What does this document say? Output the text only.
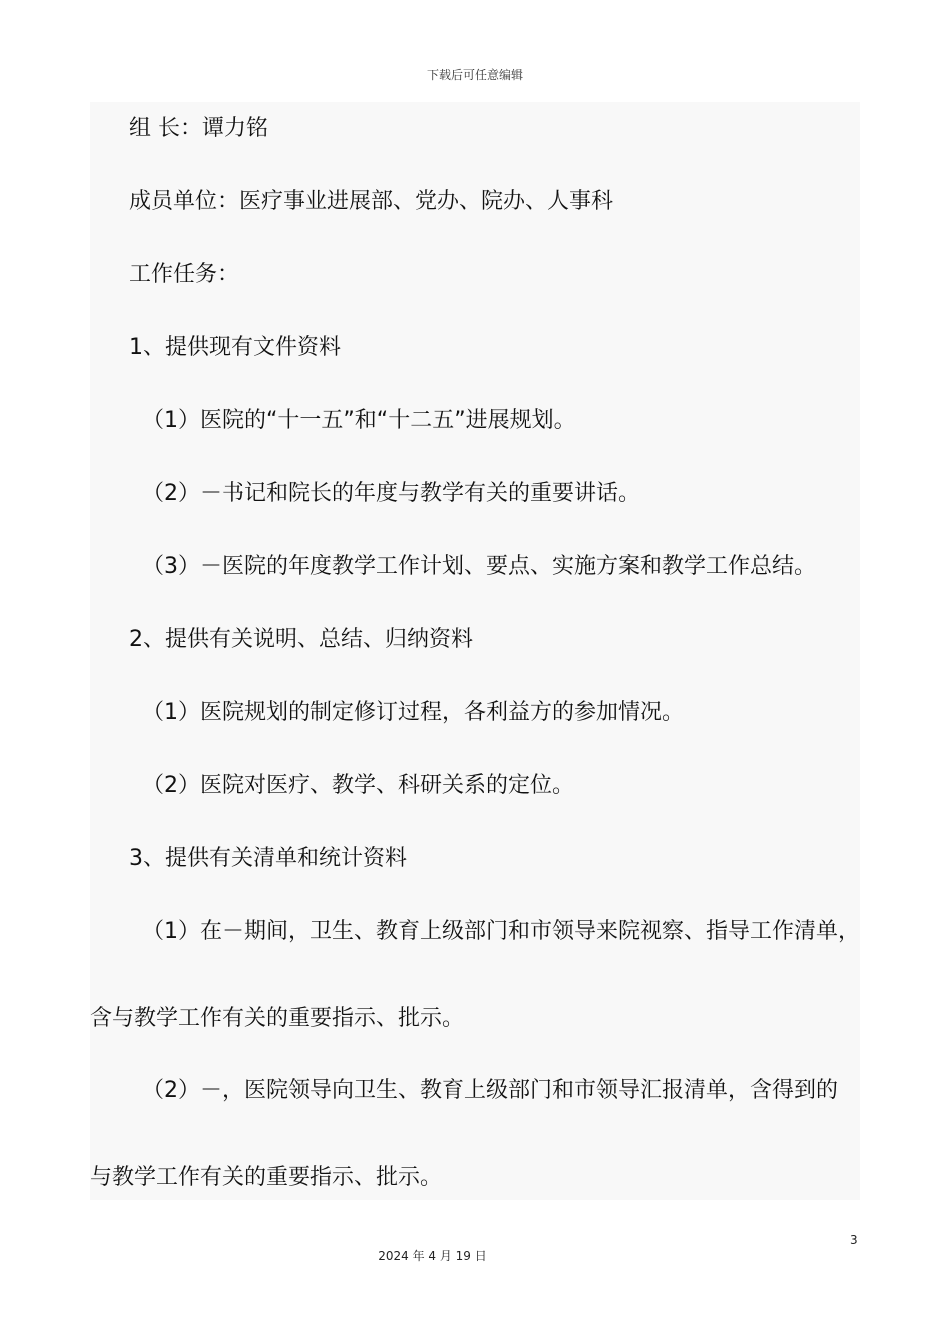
下载后可任意编辑
组 长：谭力铭
成员单位：医疗事业进展部、党办、院办、人事科
工作任务：
1、提供现有文件资料
（1）医院的“十一五”和“十二五”进展规划。
（2）－书记和院长的年度与教学有关的重要讲话。
（3）－医院的年度教学工作计划、要点、实施方案和教学工作总结。
2、提供有关说明、总结、归纳资料
（1）医院规划的制定修订过程，各利益方的参加情况。
（2）医院对医疗、教学、科研关系的定位。
3、提供有关清单和统计资料
（1）在－期间，卫生、教育上级部门和市领导来院视察、指导工作清单，
含与教学工作有关的重要指示、批示。
（2）－，医院领导向卫生、教育上级部门和市领导汇报清单，含得到的
与教学工作有关的重要指示、批示。
3
2024 年 4 月 19 日
